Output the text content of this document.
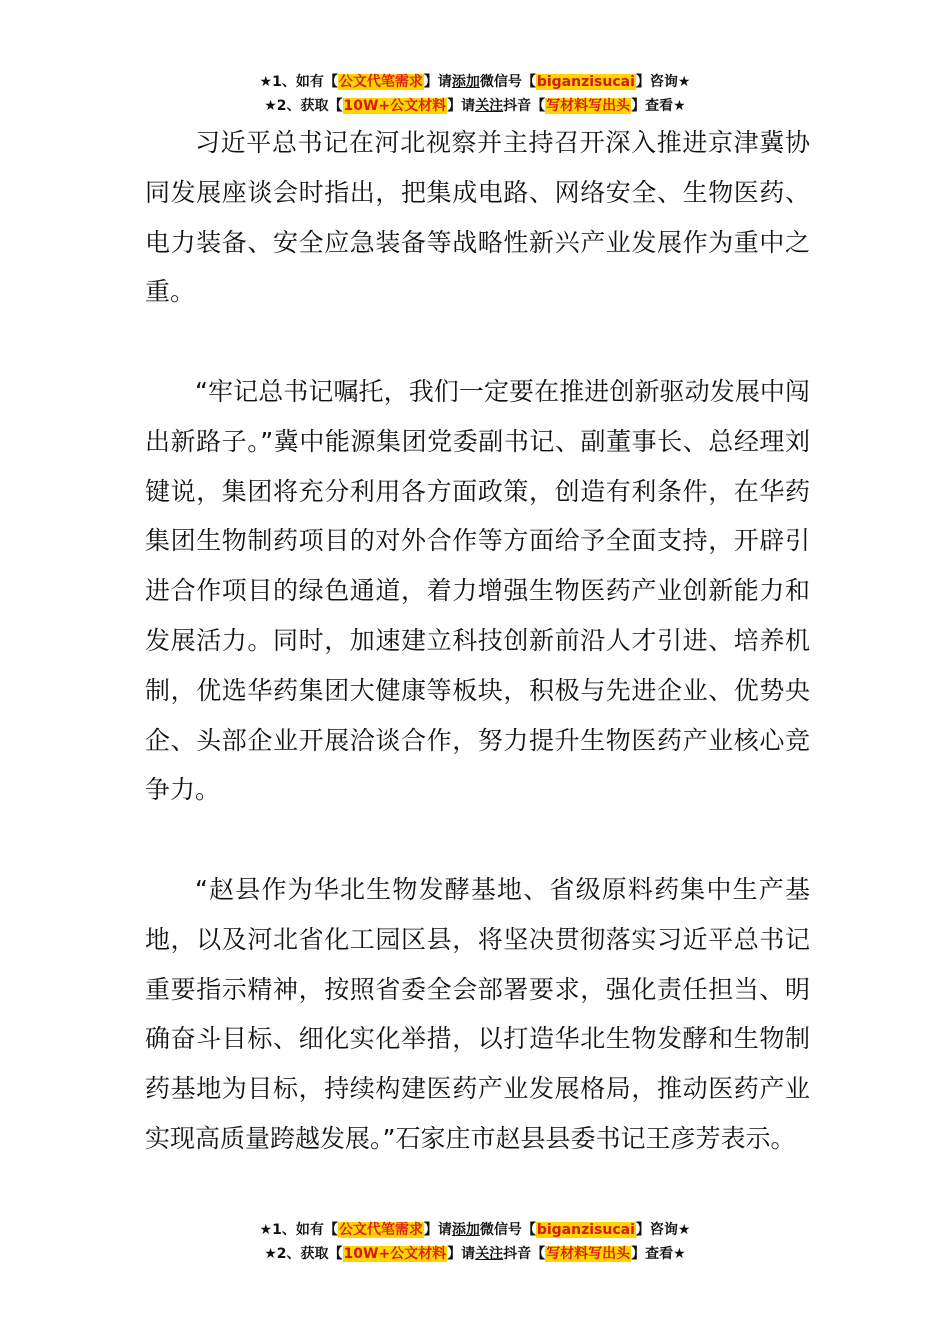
★1、如有【公文代笔需求】请添加微信号【biganzisucai】咨询★
★2、获取【10W+公文材料】请关注抖音【写材料写出头】查看★

习近平总书记在河北视察并主持召开深入推进京津冀协同发展座谈会时指出，把集成电路、网络安全、生物医药、电力装备、安全应急装备等战略性新兴产业发展作为重中之重。

“牢记总书记嘱托，我们一定要在推进创新驱动发展中闯出新路子。”冀中能源集团党委副书记、副董事长、总经理刘键说，集团将充分利用各方面政策，创造有利条件，在华药集团生物制药项目的对外合作等方面给予全面支持，开辟引进合作项目的绿色通道，着力增强生物医药产业创新能力和发展活力。同时，加速建立科技创新前沿人才引进、培养机制，优选华药集团大健康等板块，积极与先进企业、优势央企、头部企业开展洽谈合作，努力提升生物医药产业核心竞争力。

“赵县作为华北生物发酵基地、省级原料药集中生产基地，以及河北省化工园区县，将坚决贯彻落实习近平总书记重要指示精神，按照省委全会部署要求，强化责任担当、明确奋斗目标、细化实化举措，以打造华北生物发酵和生物制药基地为目标，持续构建医药产业发展格局，推动医药产业实现高质量跨越发展。”石家庄市赵县县委书记王彦芳表示。

★1、如有【公文代笔需求】请添加微信号【biganzisucai】咨询★
★2、获取【10W+公文材料】请关注抖音【写材料写出头】查看★
